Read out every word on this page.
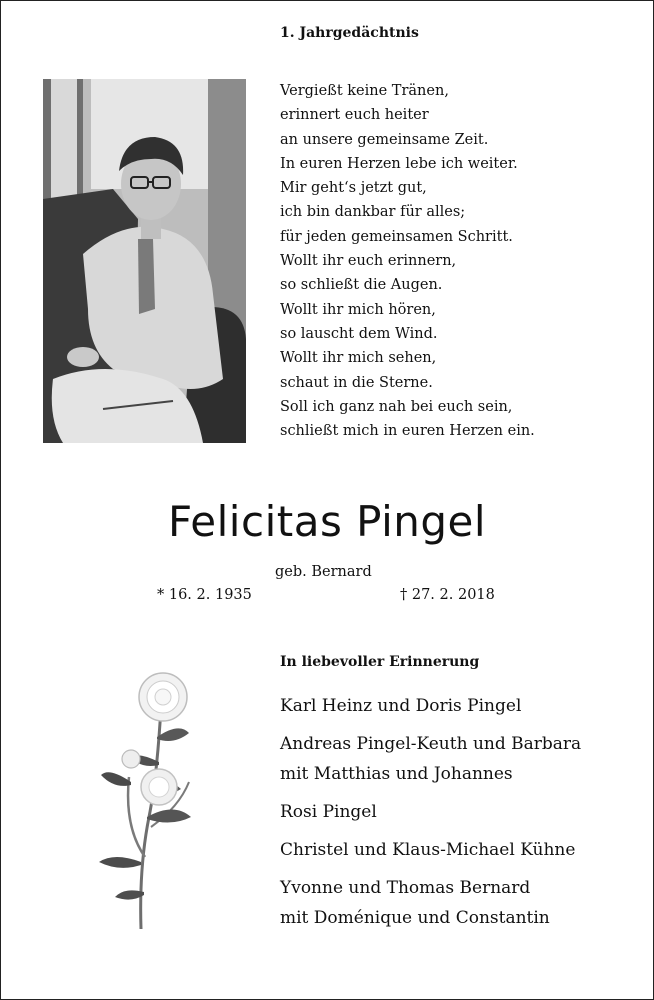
1. Jahrgedächtnis
Vergießt keine Tränen,
erinnert euch heiter
an unsere gemeinsame Zeit.
In euren Herzen lebe ich weiter.
Mir geht‘s jetzt gut,
ich bin dankbar für alles;
für jeden gemeinsamen Schritt.
Wollt ihr euch erinnern,
so schließt die Augen.
Wollt ihr mich hören,
so lauscht dem Wind.
Wollt ihr mich sehen,
schaut in die Sterne.
Soll ich ganz nah bei euch sein,
schließt mich in euren Herzen ein.
Felicitas Pingel
geb. Bernard
* 16. 2. 1935	† 27. 2. 2018
In liebevoller Erinnerung
Karl Heinz und Doris Pingel
Andreas Pingel-Keuth und Barbara
mit Matthias und Johannes
Rosi Pingel
Christel und Klaus-Michael Kühne
Yvonne und Thomas Bernard
mit Doménique und Constantin
